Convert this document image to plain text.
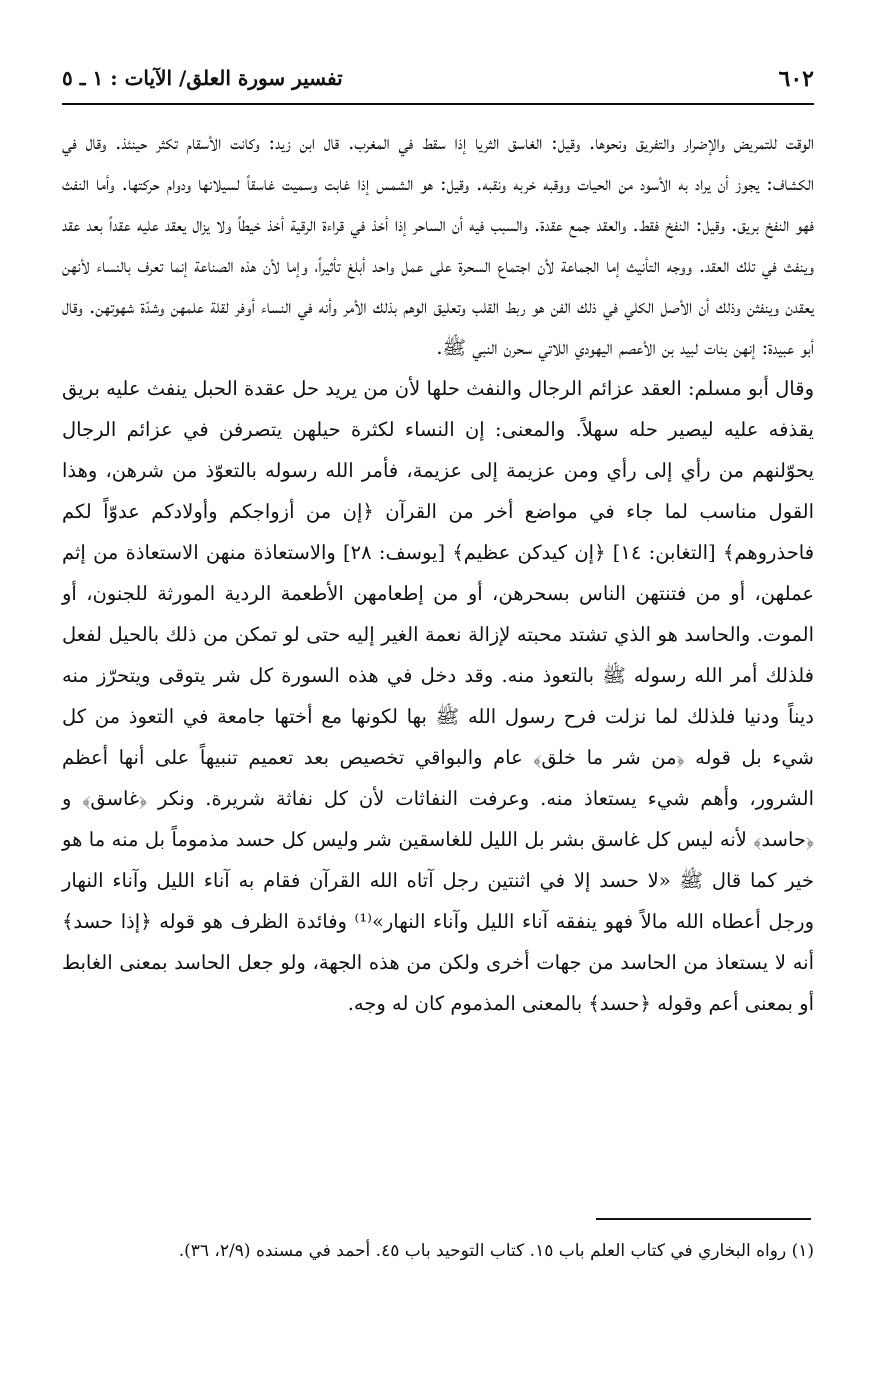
٦٠٢
تفسير سورة العلق/ الآيات : ١ ـ ٥

الوقت للتمريض والإضرار والتفريق ونحوها. وقيل: الغاسق الثريا إذا سقط في المغرب. قال ابن زيد: وكانت الأسقام تكثر حينئذ. وقال في الكشاف: يجوز أن يراد به الأسود من الحيات ووقبه خربه ونقبه. وقيل: هو الشمس إذا غابت وسميت غاسقاً لسيلانها ودوام حركتها. وأما النفث فهو النفخ بريق. وقيل: النفخ فقط. والعقد جمع عقدة. والسبب فيه أن الساحر إذا أخذ في قراءة الرقية أخذ خيطاً ولا يزال يعقد عليه عقداً بعد عقد وينفث في تلك العقد. ووجه التأنيث إما الجماعة لأن اجتماع السحرة على عمل واحد أبلغ تأثيراً، وإما لأن هذه الصناعة إنما تعرف بالنساء لأنهن يعقدن وينفثن وذلك أن الأصل الكلي في ذلك الفن هو ربط القلب وتعليق الوهم بذلك الأمر وأنه في النساء أوفر لقلة علمهن وشدّة شهوتهن. وقال أبو عبيدة: إنهن بنات لبيد بن الأعصم اليهودي اللاتي سحرن النبي ﷺ.

وقال أبو مسلم: العقد عزائم الرجال والنفث حلها لأن من يريد حل عقدة الحبل ينفث عليه بريق يقذفه عليه ليصير حله سهلاً. والمعنى: إن النساء لكثرة حيلهن يتصرفن في عزائم الرجال يحوّلنهم من رأي إلى رأي ومن عزيمة إلى عزيمة، فأمر الله رسوله بالتعوّذ من شرهن، وهذا القول مناسب لما جاء في مواضع أخر من القرآن ﴿إن من أزواجكم وأولادكم عدوّاً لكم فاحذروهم﴾ [التغابن: ١٤] ﴿إن كيدكن عظيم﴾ [يوسف: ٢٨] والاستعاذة منهن الاستعاذة من إثم عملهن، أو من فتنتهن الناس بسحرهن، أو من إطعامهن الأطعمة الردية المورثة للجنون، أو الموت. والحاسد هو الذي تشتد محبته لإزالة نعمة الغير إليه حتى لو تمكن من ذلك بالحيل لفعل فلذلك أمر الله رسوله ﷺ بالتعوذ منه. وقد دخل في هذه السورة كل شر يتوقى ويتحرّز منه ديناً ودنيا فلذلك لما نزلت فرح رسول الله ﷺ بها لكونها مع أختها جامعة في التعوذ من كل شيء بل قوله ﴿من شر ما خلق﴾ عام والبواقي تخصيص بعد تعميم تنبيهاً على أنها أعظم الشرور، وأهم شيء يستعاذ منه. وعرفت النفاثات لأن كل نفاثة شريرة. ونكر ﴿غاسق﴾ و ﴿حاسد﴾ لأنه ليس كل غاسق بشر بل الليل للغاسقين شر وليس كل حسد مذموماً بل منه ما هو خير كما قال ﷺ «لا حسد إلا في اثنتين رجل آتاه الله القرآن فقام به آناء الليل وآناء النهار ورجل أعطاه الله مالاً فهو ينفقه آناء الليل وآناء النهار»⁽¹⁾ وفائدة الظرف هو قوله ﴿إذا حسد﴾ أنه لا يستعاذ من الحاسد من جهات أخرى ولكن من هذه الجهة، ولو جعل الحاسد بمعنى الغابط أو بمعنى أعم وقوله ﴿حسد﴾ بالمعنى المذموم كان له وجه.

(١) رواه البخاري في كتاب العلم باب ١٥. كتاب التوحيد باب ٤٥. أحمد في مسنده (٢/٩، ٣٦).
